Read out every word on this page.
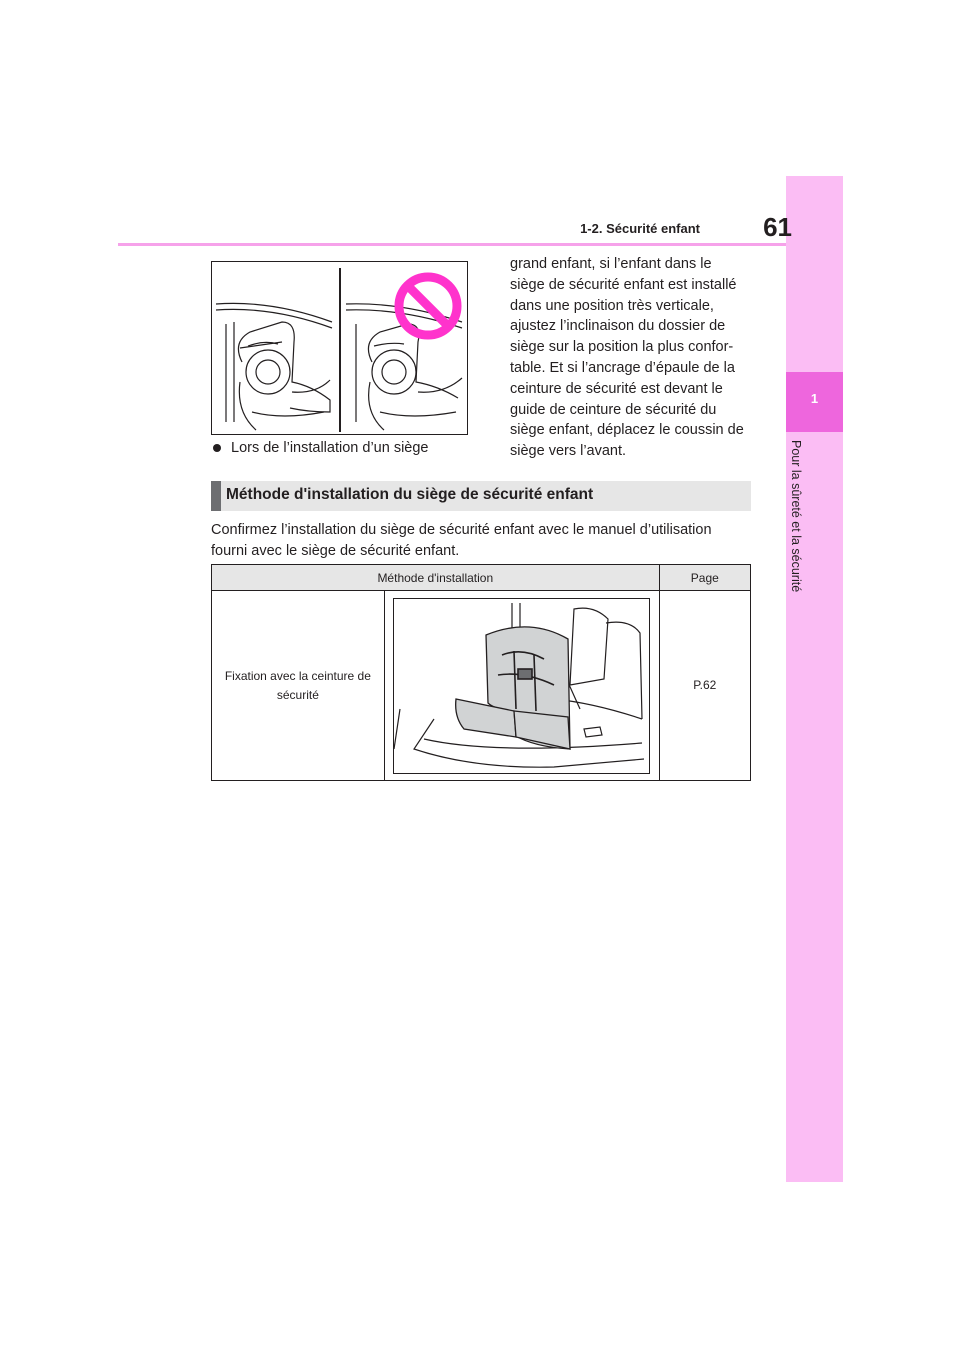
1
Pour la sûreté et la sécurité
1-2. Sécurité enfant	61
Lors de l’installation d’un siège
grand enfant, si l’enfant dans le
siège de sécurité enfant est installé
dans une position très verticale,
ajustez l’inclinaison du dossier de
siège sur la position la plus confor-
table. Et si l’ancrage d’épaule de la
ceinture de sécurité est devant le
guide de ceinture de sécurité du
siège enfant, déplacez le coussin de
siège vers l’avant.
Méthode d'installation du siège de sécurité enfant
Confirmez l’installation du siège de sécurité enfant avec le manuel d’utilisation
fourni avec le siège de sécurité enfant.
Méthode d'installation		Page

Fixation avec la ceinture de
sécurité		P.62
